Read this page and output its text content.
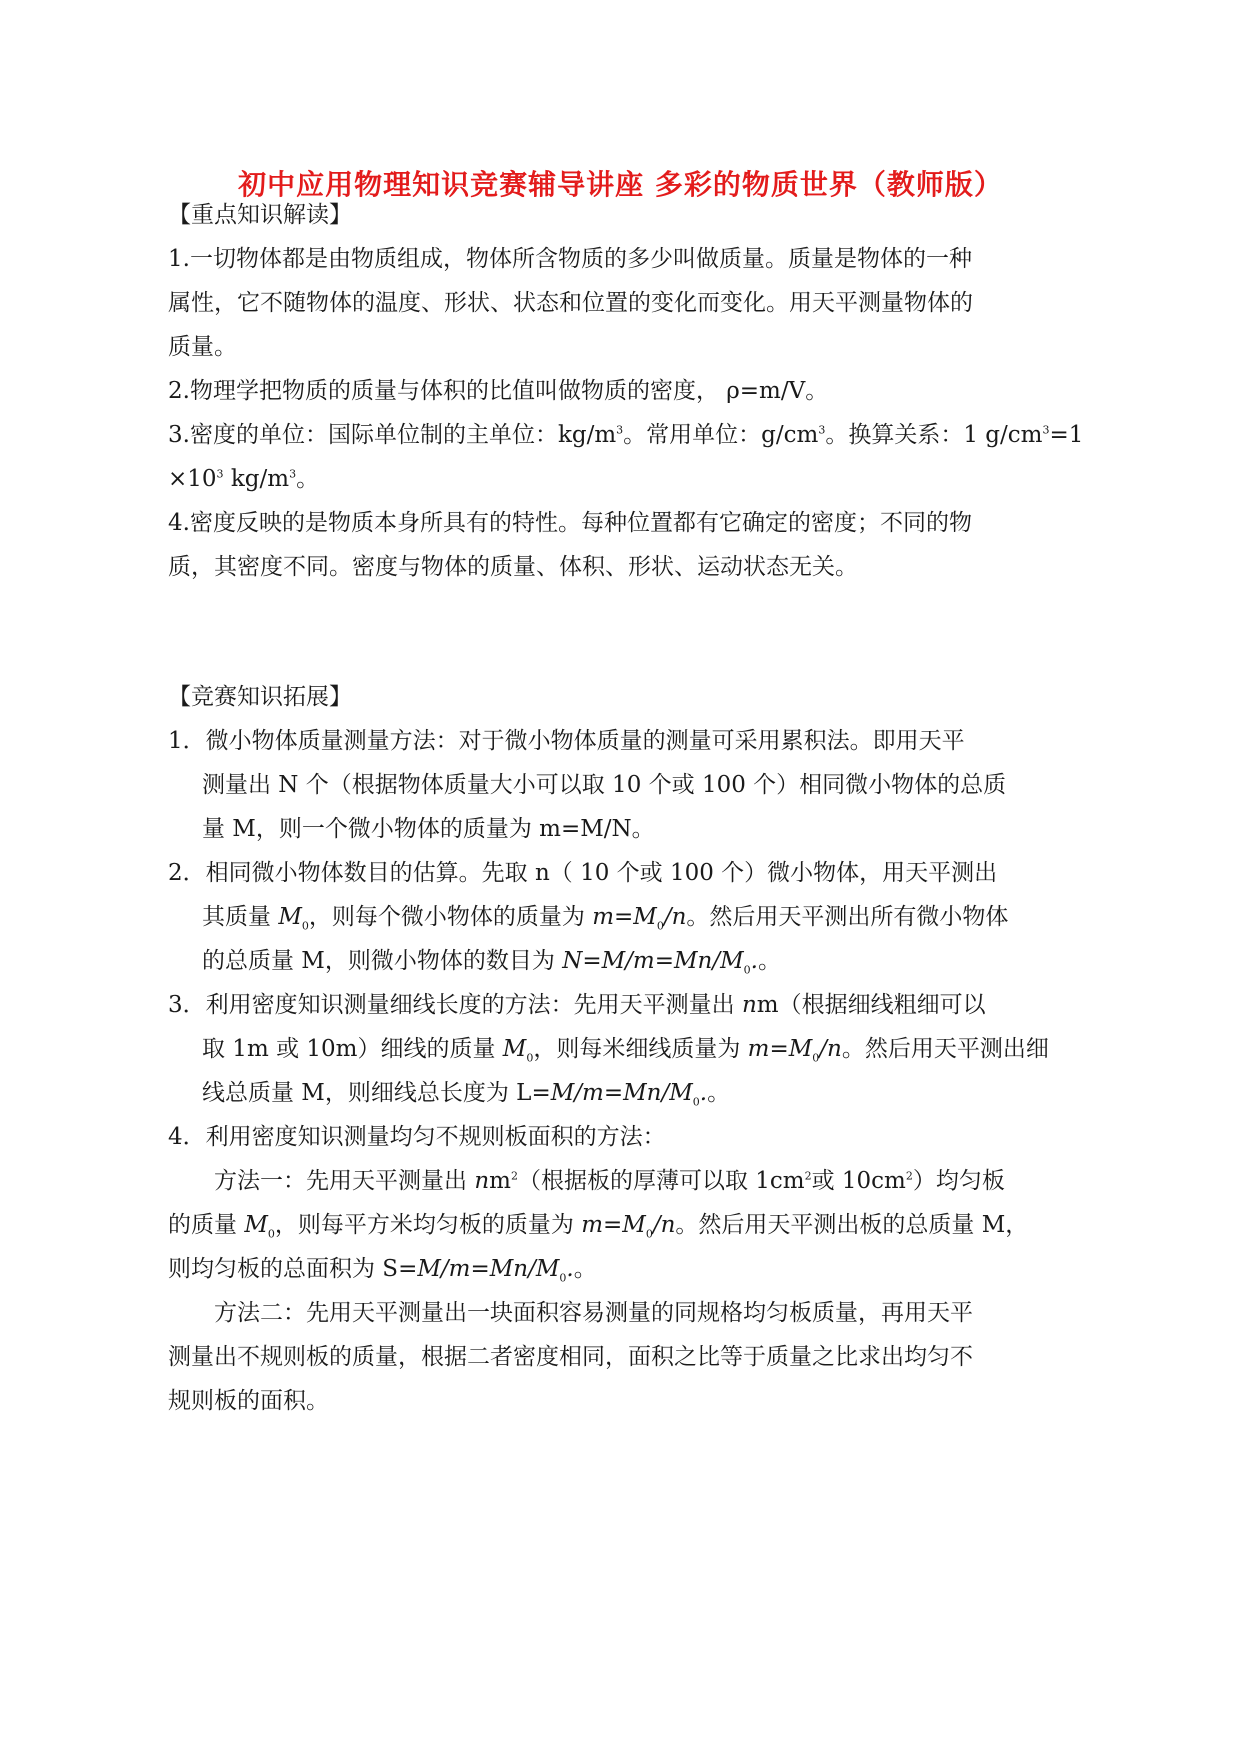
初中应用物理知识竞赛辅导讲座 多彩的物质世界（教师版）
【重点知识解读】
1.一切物体都是由物质组成，物体所含物质的多少叫做质量。质量是物体的一种
属性，它不随物体的温度、形状、状态和位置的变化而变化。用天平测量物体的
质量。
2.物理学把物质的质量与体积的比值叫做物质的密度， ρ=m/V。
3.密度的单位：国际单位制的主单位：$kg/m^3$。常用单位：$g/cm^3$。换算关系：1 $g/cm^3=1$
$\times 10^3$ $kg/m^3$。
4.密度反映的是物质本身所具有的特性。每种位置都有它确定的密度；不同的物
质，其密度不同。密度与物体的质量、体积、形状、运动状态无关。
【竞赛知识拓展】
1．微小物体质量测量方法：对于微小物体质量的测量可采用累积法。即用天平
测量出 N 个（根据物体质量大小可以取 10 个或 100 个）相同微小物体的总质
量 M，则一个微小物体的质量为 m=M/N。
2．相同微小物体数目的估算。先取 n（ 10 个或 100 个）微小物体，用天平测出
其质量 $M_0$，则每个微小物体的质量为 $m=M_0/n$。然后用天平测出所有微小物体
的总质量 M，则微小物体的数目为 $N=M/m=Mn/M_0$.。
3．利用密度知识测量细线长度的方法：先用天平测量出 nm（根据细线粗细可以
取 1m 或 10m）细线的质量 $M_0$，则每米细线质量为 $m=M_0/n$。然后用天平测出细
线总质量 M，则细线总长度为 $L=M/m=Mn/M_0$.。
4．利用密度知识测量均匀不规则板面积的方法：
方法一：先用天平测量出 $nm^2$（根据板的厚薄可以取 $1cm^2$或 $10cm^2$）均匀板
的质量 $M_0$，则每平方米均匀板的质量为 $m=M_0/n$。然后用天平测出板的总质量 M，
则均匀板的总面积为 $S=M/m=Mn/M_0$.。
方法二：先用天平测量出一块面积容易测量的同规格均匀板质量，再用天平
测量出不规则板的质量，根据二者密度相同，面积之比等于质量之比求出均匀不
规则板的面积。
